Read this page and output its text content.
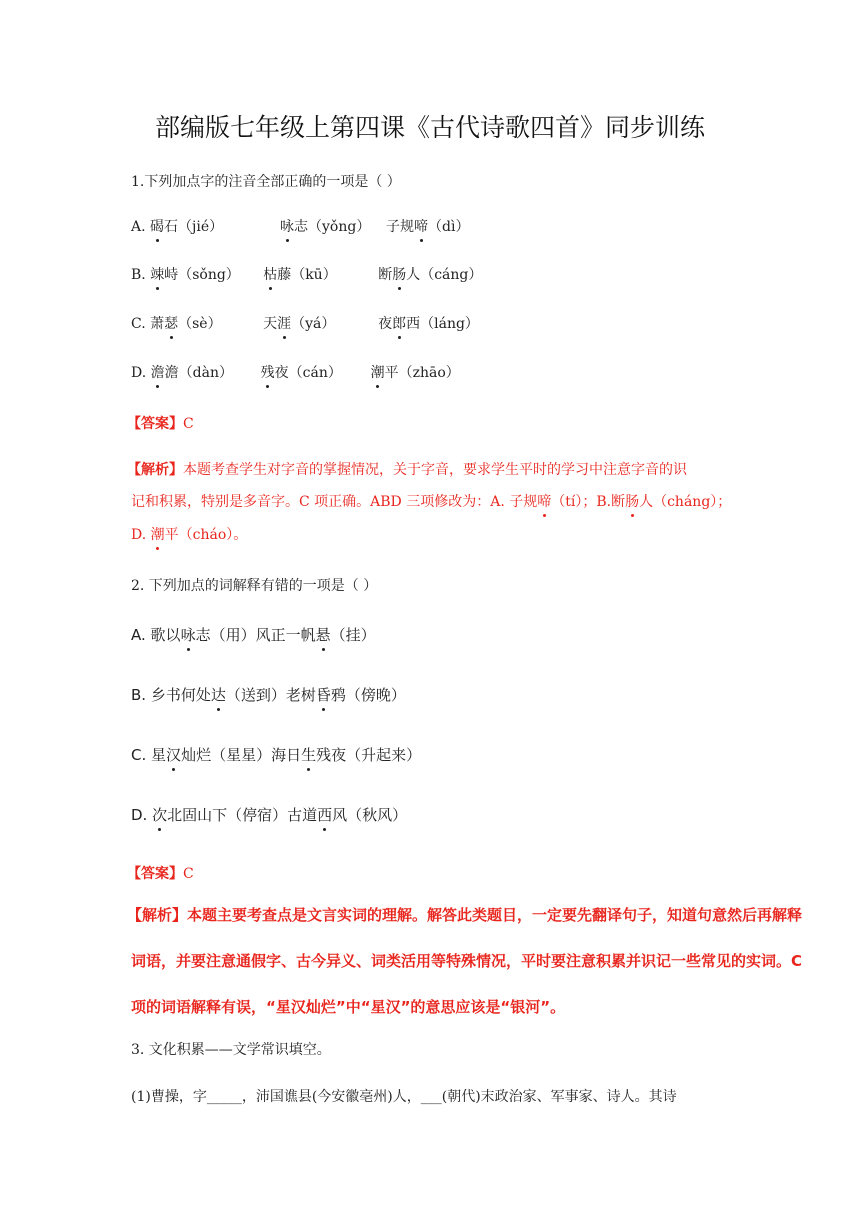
部编版七年级上第四课《古代诗歌四首》同步训练
1.下列加点字的注音全部正确的一项是（ ）
A. 碣石（jié）	咏志（yǒng） 子规啼（dì）
B. 竦峙（sǒng） 枯藤（kū）	断肠人（cáng）
C. 萧瑟（sè）	天涯（yá）	夜郎西（láng）
D. 澹澹（dàn） 残夜（cán） 潮平（zhāo）
【答案】C
【解析】本题考查学生对字音的掌握情况，关于字音，要求学生平时的学习中注意字音的识
记和积累，特别是多音字。C 项正确。ABD 三项修改为：A. 子规啼（tí）；B.断肠人（cháng）；
D. 潮平（cháo）。
2. 下列加点的词解释有错的一项是（ ）
A. 歌以咏志（用）风正一帆悬（挂）
B. 乡书何处达（送到）老树昏鸦（傍晚）
C. 星汉灿烂（星星）海日生残夜（升起来）
D. 次北固山下（停宿）古道西风（秋风）
【答案】C
【解析】本题主要考查点是文言实词的理解。解答此类题目，一定要先翻译句子，知道句意然后再解释
词语，并要注意通假字、古今异义、词类活用等特殊情况，平时要注意积累并识记一些常见的实词。C
项的词语解释有误，“星汉灿烂”中“星汉”的意思应该是“银河”。
3. 文化积累——文学常识填空。
(1)曹操，字_____，沛国谯县(今安徽亳州)人，___(朝代)末政治家、军事家、诗人。其诗
